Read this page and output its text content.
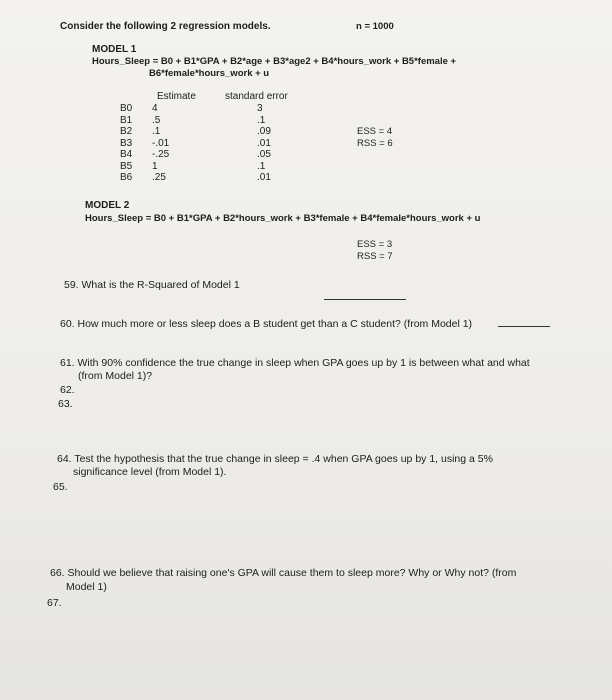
Consider the following 2 regression models.	n = 1000
MODEL 1
Hours_Sleep = B0 + B1*GPA + B2*age + B3*age2 + B4*hours_work + B5*female +
B6*female*hours_work + u
Estimate	standard error
B0
B1
B2
B3
B4
B5
B6
4
.5
.1
-.01
-.25
1
.25
3
.1
.09
.01
.05
.1
.01
ESS = 4
RSS = 6
MODEL 2
Hours_Sleep = B0 + B1*GPA + B2*hours_work + B3*female + B4*female*hours_work + u
ESS = 3
RSS = 7
59. What is the R-Squared of Model 1
60. How much more or less sleep does a B student get than a C student? (from Model 1)
61. With 90% confidence the true change in sleep when GPA goes up by 1 is between what and what
(from Model 1)?
62.
63.
64. Test the hypothesis that the true change in sleep = .4 when GPA goes up by 1, using a 5%
significance level (from Model 1).
65.
66. Should we believe that raising one's GPA will cause them to sleep more? Why or Why not? (from
Model 1)
67.
